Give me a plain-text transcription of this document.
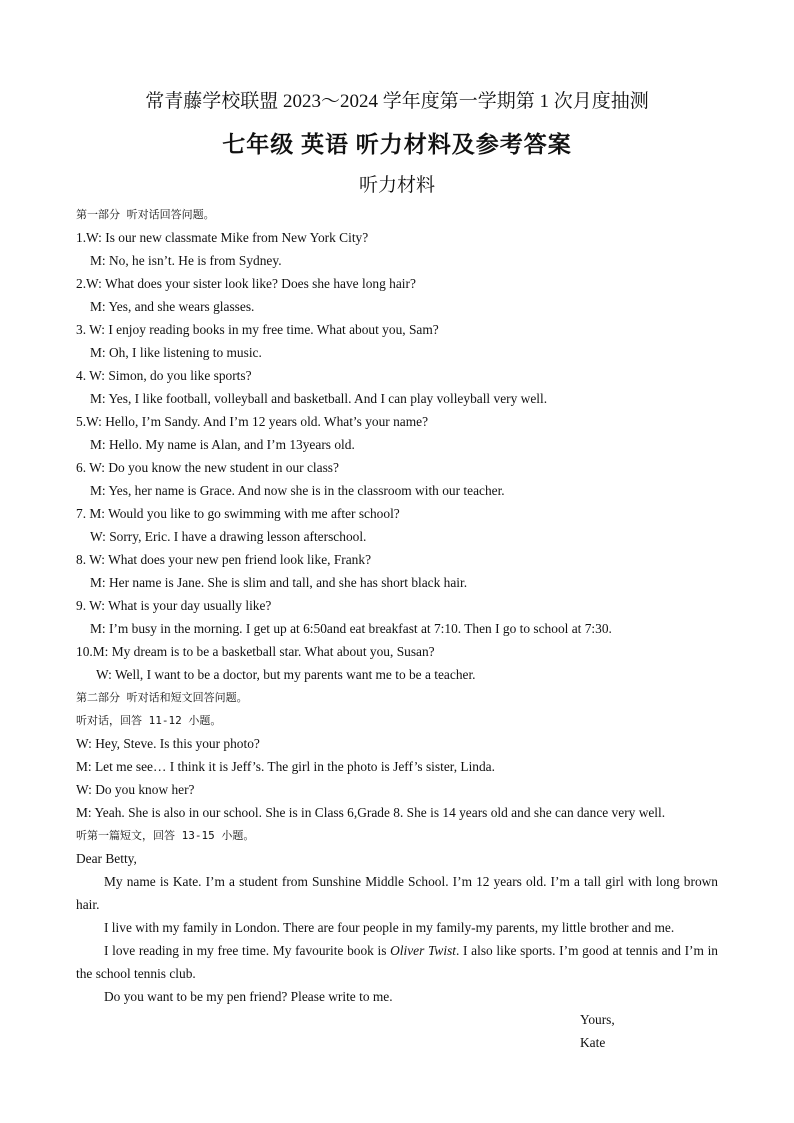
常青藤学校联盟 2023～2024 学年度第一学期第 1 次月度抽测
七年级 英语 听力材料及参考答案
听力材料
第一部分 听对话回答问题。
1.W: Is our new classmate Mike from New York City?
M: No, he isn’t. He is from Sydney.
2.W: What does your sister look like? Does she have long hair?
M: Yes, and she wears glasses.
3. W: I enjoy reading books in my free time. What about you, Sam?
M: Oh, I like listening to music.
4. W: Simon, do you like sports?
M: Yes, I like football, volleyball and basketball. And I can play volleyball very well.
5.W: Hello, I’m Sandy. And I’m 12 years old. What’s your name?
M: Hello. My name is Alan, and I’m 13years old.
6. W: Do you know the new student in our class?
M: Yes, her name is Grace. And now she is in the classroom with our teacher.
7. M: Would you like to go swimming with me after school?
W: Sorry, Eric. I have a drawing lesson afterschool.
8. W: What does your new pen friend look like, Frank?
M: Her name is Jane. She is slim and tall, and she has short black hair.
9. W: What is your day usually like?
M: I’m busy in the morning. I get up at 6:50and eat breakfast at 7:10. Then I go to school at 7:30.
10.M: My dream is to be a basketball star. What about you, Susan?
W: Well, I want to be a doctor, but my parents want me to be a teacher.
第二部分 听对话和短文回答问题。
听对话，回答 11-12 小题。
W: Hey, Steve. Is this your photo?
M: Let me see… I think it is Jeff’s. The girl in the photo is Jeff’s sister, Linda.
W: Do you know her?
M: Yeah. She is also in our school. She is in Class 6,Grade 8. She is 14 years old and she can dance very well.
听第一篇短文，回答 13-15 小题。
Dear Betty,
My name is Kate. I’m a student from Sunshine Middle School. I’m 12 years old. I’m a tall girl with long brown hair.
I live with my family in London. There are four people in my family-my parents, my little brother and me.
I love reading in my free time. My favourite book is Oliver Twist. I also like sports. I’m good at tennis and I’m in the school tennis club.
Do you want to be my pen friend? Please write to me.
Yours,
Kate
